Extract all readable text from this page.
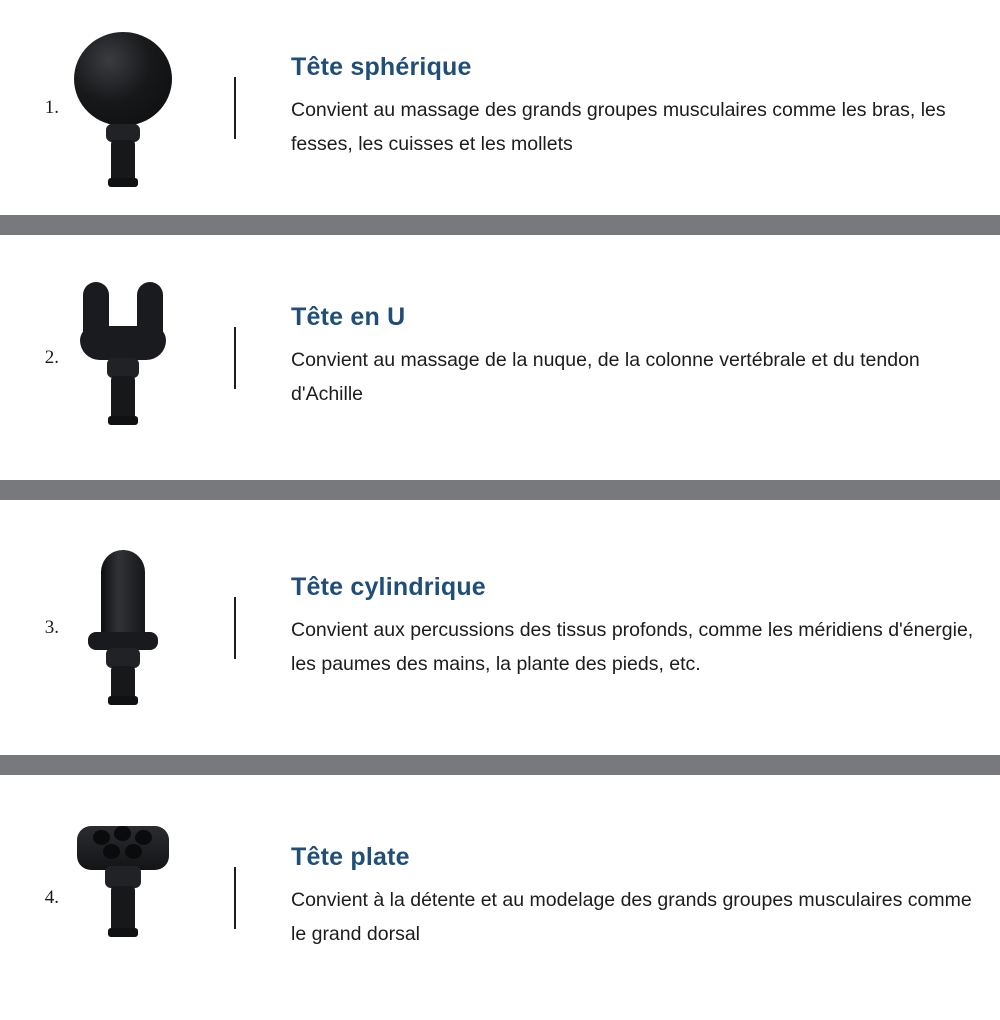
1.
Tête sphérique
Convient au massage des grands groupes musculaires comme les bras, les fesses, les cuisses et les mollets
2.
Tête en U
Convient au massage de la nuque, de la colonne vertébrale et du tendon d'Achille
3.
Tête cylindrique
Convient aux percussions des tissus profonds, comme les méridiens d'énergie, les paumes des mains, la plante des pieds, etc.
4.
Tête plate
Convient à la détente et au modelage des grands groupes musculaires comme le grand dorsal
